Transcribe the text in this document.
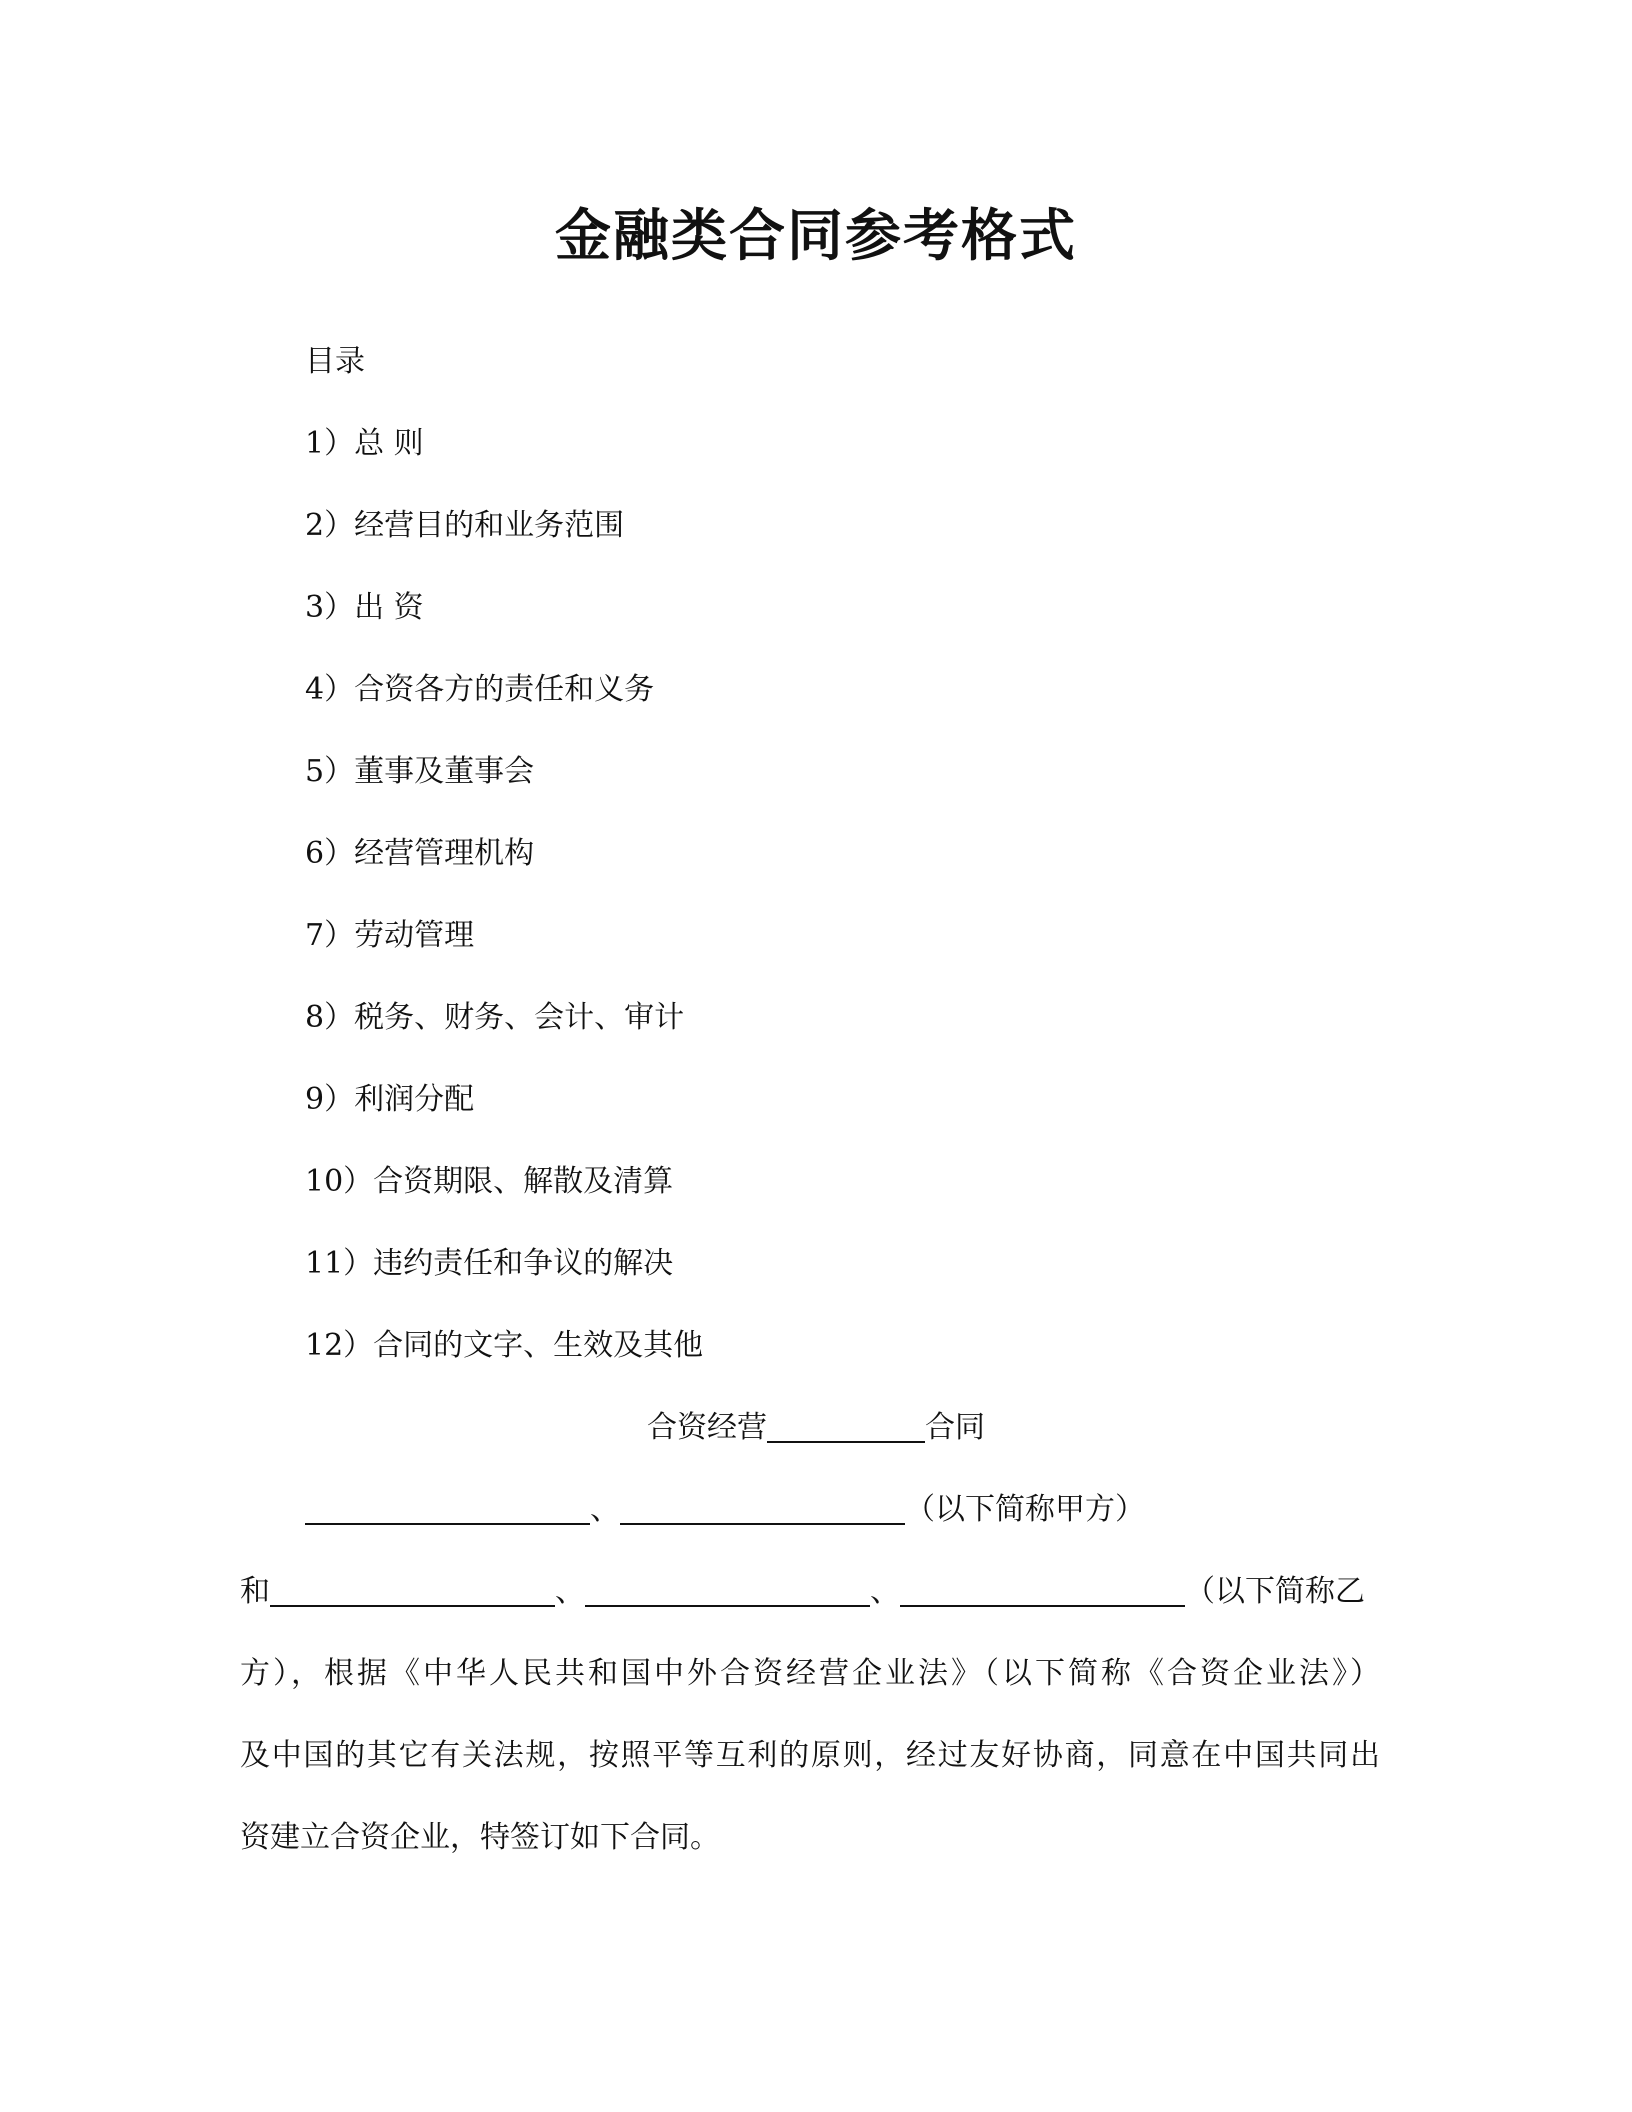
金融类合同参考格式
目录
1）总 则
2）经营目的和业务范围
3）出 资
4）合资各方的责任和义务
5）董事及董事会
6）经营管理机构
7）劳动管理
8）税务、财务、会计、审计
9）利润分配
10）合资期限、解散及清算
11）违约责任和争议的解决
12）合同的文字、生效及其他
合资经营	合同
、	（以下简称甲方）
和	、	、	（以下简称乙
方），根据《中华人民共和国中外合资经营企业法》（以下简称《合资企业法》）
及中国的其它有关法规，按照平等互利的原则，经过友好协商，同意在中国共同出
资建立合资企业，特签订如下合同。
